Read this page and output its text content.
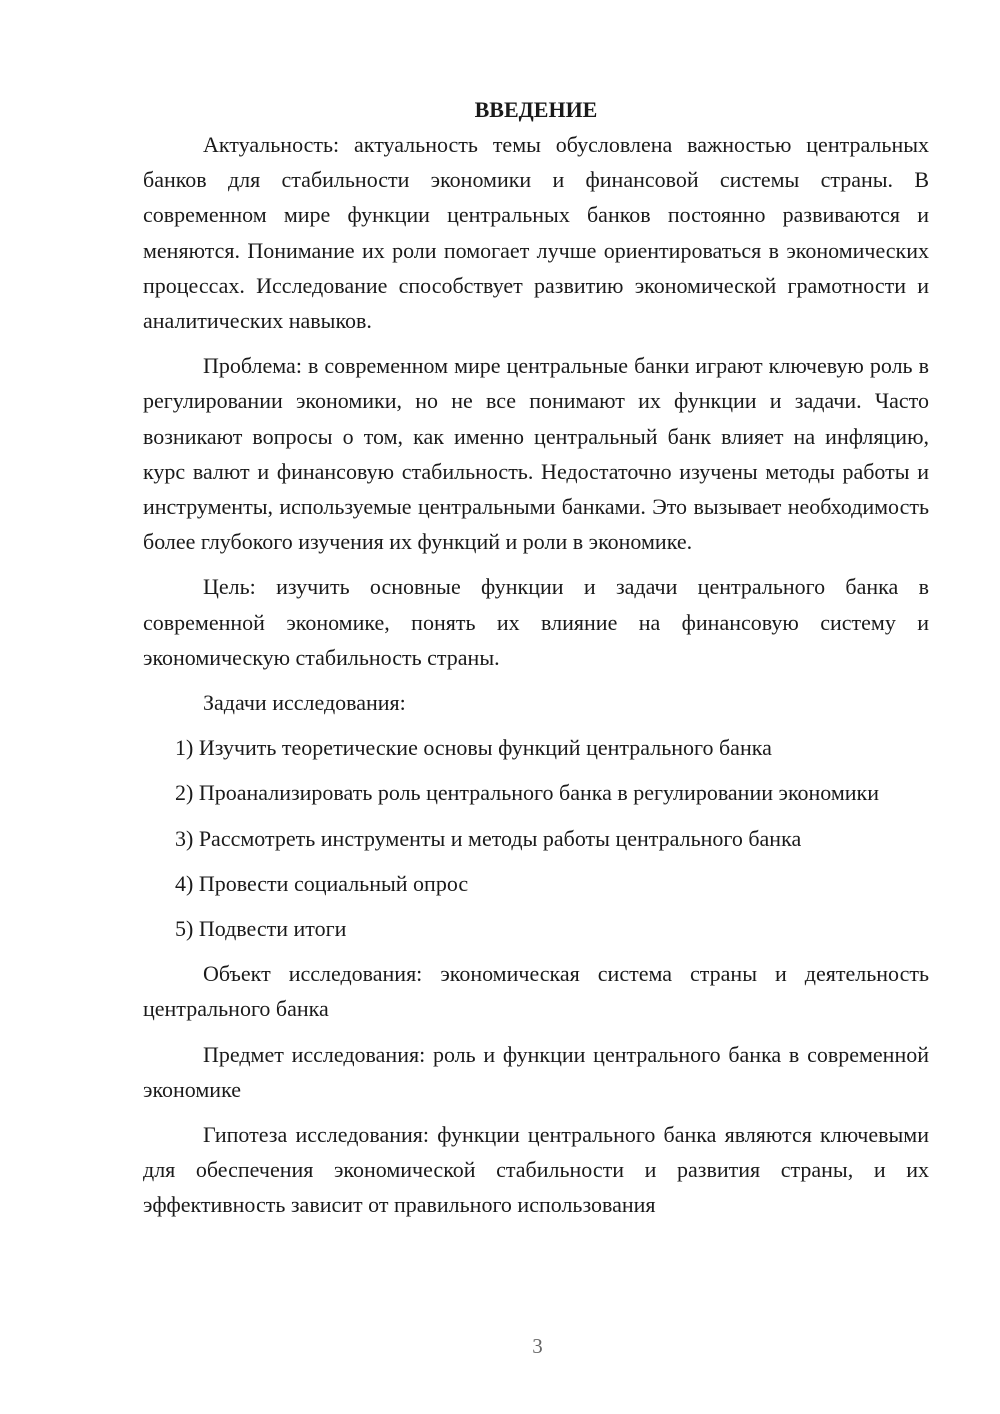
ВВЕДЕНИЕ

Актуальность: актуальность темы обусловлена важностью центральных банков для стабильности экономики и финансовой системы страны. В современном мире функции центральных банков постоянно развиваются и меняются. Понимание их роли помогает лучше ориентироваться в экономических процессах. Исследование способствует развитию экономической грамотности и аналитических навыков.

Проблема: в современном мире центральные банки играют ключевую роль в регулировании экономики, но не все понимают их функции и задачи. Часто возникают вопросы о том, как именно центральный банк влияет на инфляцию, курс валют и финансовую стабильность. Недостаточно изучены методы работы и инструменты, используемые центральными банками. Это вызывает необходимость более глубокого изучения их функций и роли в экономике.

Цель: изучить основные функции и задачи центрального банка в современной экономике, понять их влияние на финансовую систему и экономическую стабильность страны.

Задачи исследования:

1) Изучить теоретические основы функций центрального банка

2) Проанализировать роль центрального банка в регулировании экономики

3) Рассмотреть инструменты и методы работы центрального банка

4) Провести социальный опрос

5) Подвести итоги

Объект исследования: экономическая система страны и деятельность центрального банка

Предмет исследования: роль и функции центрального банка в современной экономике

Гипотеза исследования: функции центрального банка являются ключевыми для обеспечения экономической стабильности и развития страны, и их эффективность зависит от правильного использования

3
